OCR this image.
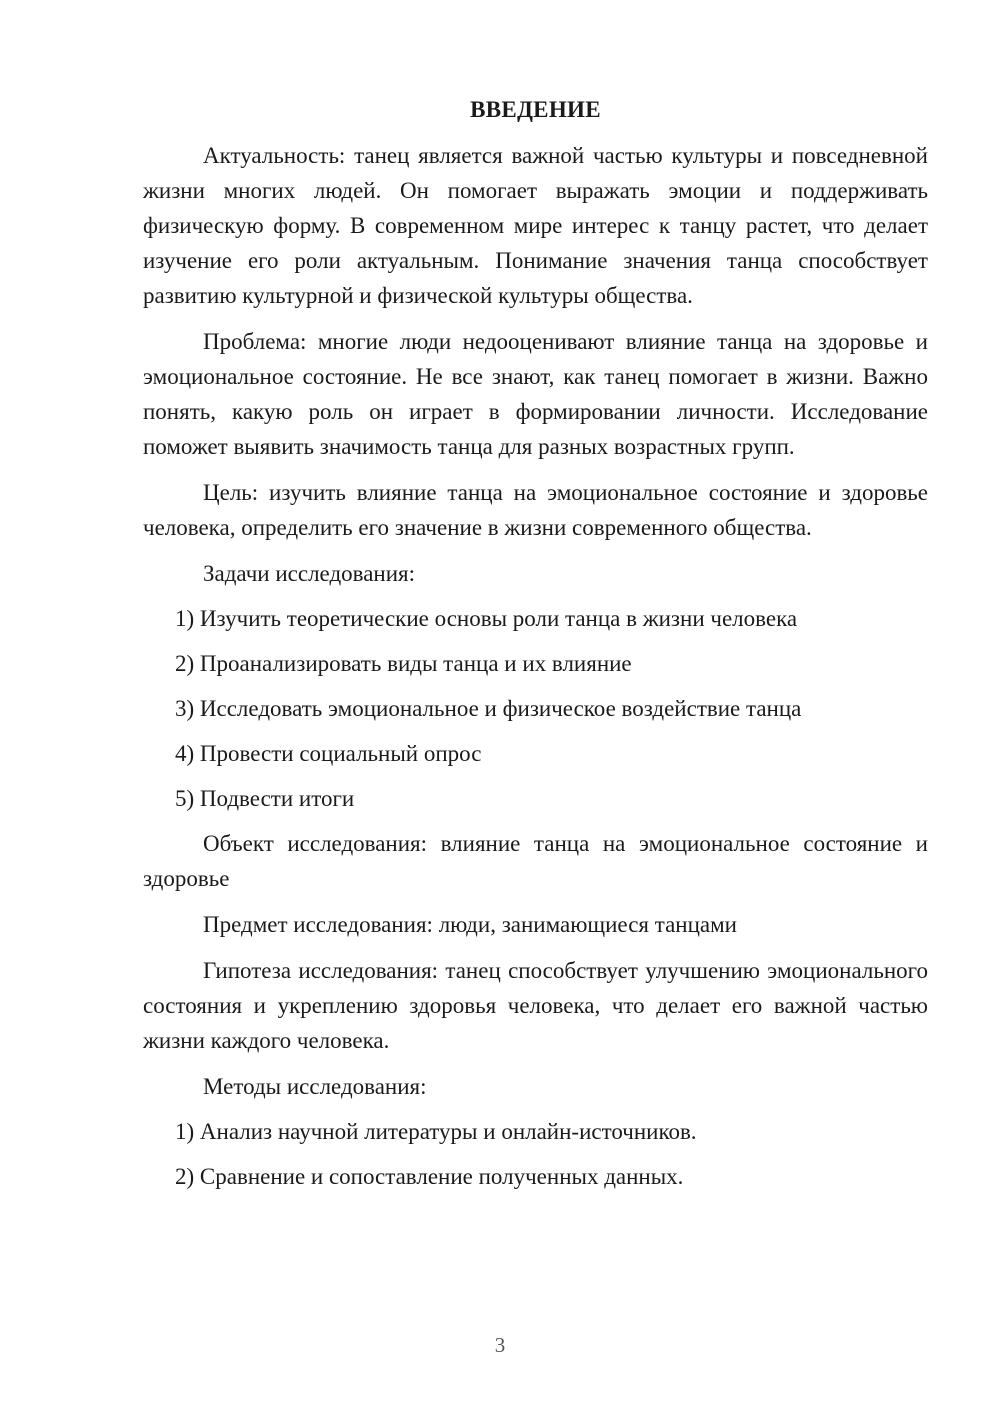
ВВЕДЕНИЕ

Актуальность: танец является важной частью культуры и повседневной жизни многих людей. Он помогает выражать эмоции и поддерживать физическую форму. В современном мире интерес к танцу растет, что делает изучение его роли актуальным. Понимание значения танца способствует развитию культурной и физической культуры общества.

Проблема: многие люди недооценивают влияние танца на здоровье и эмоциональное состояние. Не все знают, как танец помогает в жизни. Важно понять, какую роль он играет в формировании личности. Исследование поможет выявить значимость танца для разных возрастных групп.

Цель: изучить влияние танца на эмоциональное состояние и здоровье человека, определить его значение в жизни современного общества.

Задачи исследования:
1) Изучить теоретические основы роли танца в жизни человека
2) Проанализировать виды танца и их влияние
3) Исследовать эмоциональное и физическое воздействие танца
4) Провести социальный опрос
5) Подвести итоги

Объект исследования: влияние танца на эмоциональное состояние и здоровье

Предмет исследования: люди, занимающиеся танцами

Гипотеза исследования: танец способствует улучшению эмоционального состояния и укреплению здоровья человека, что делает его важной частью жизни каждого человека.

Методы исследования:
1) Анализ научной литературы и онлайн-источников.
2) Сравнение и сопоставление полученных данных.
3
